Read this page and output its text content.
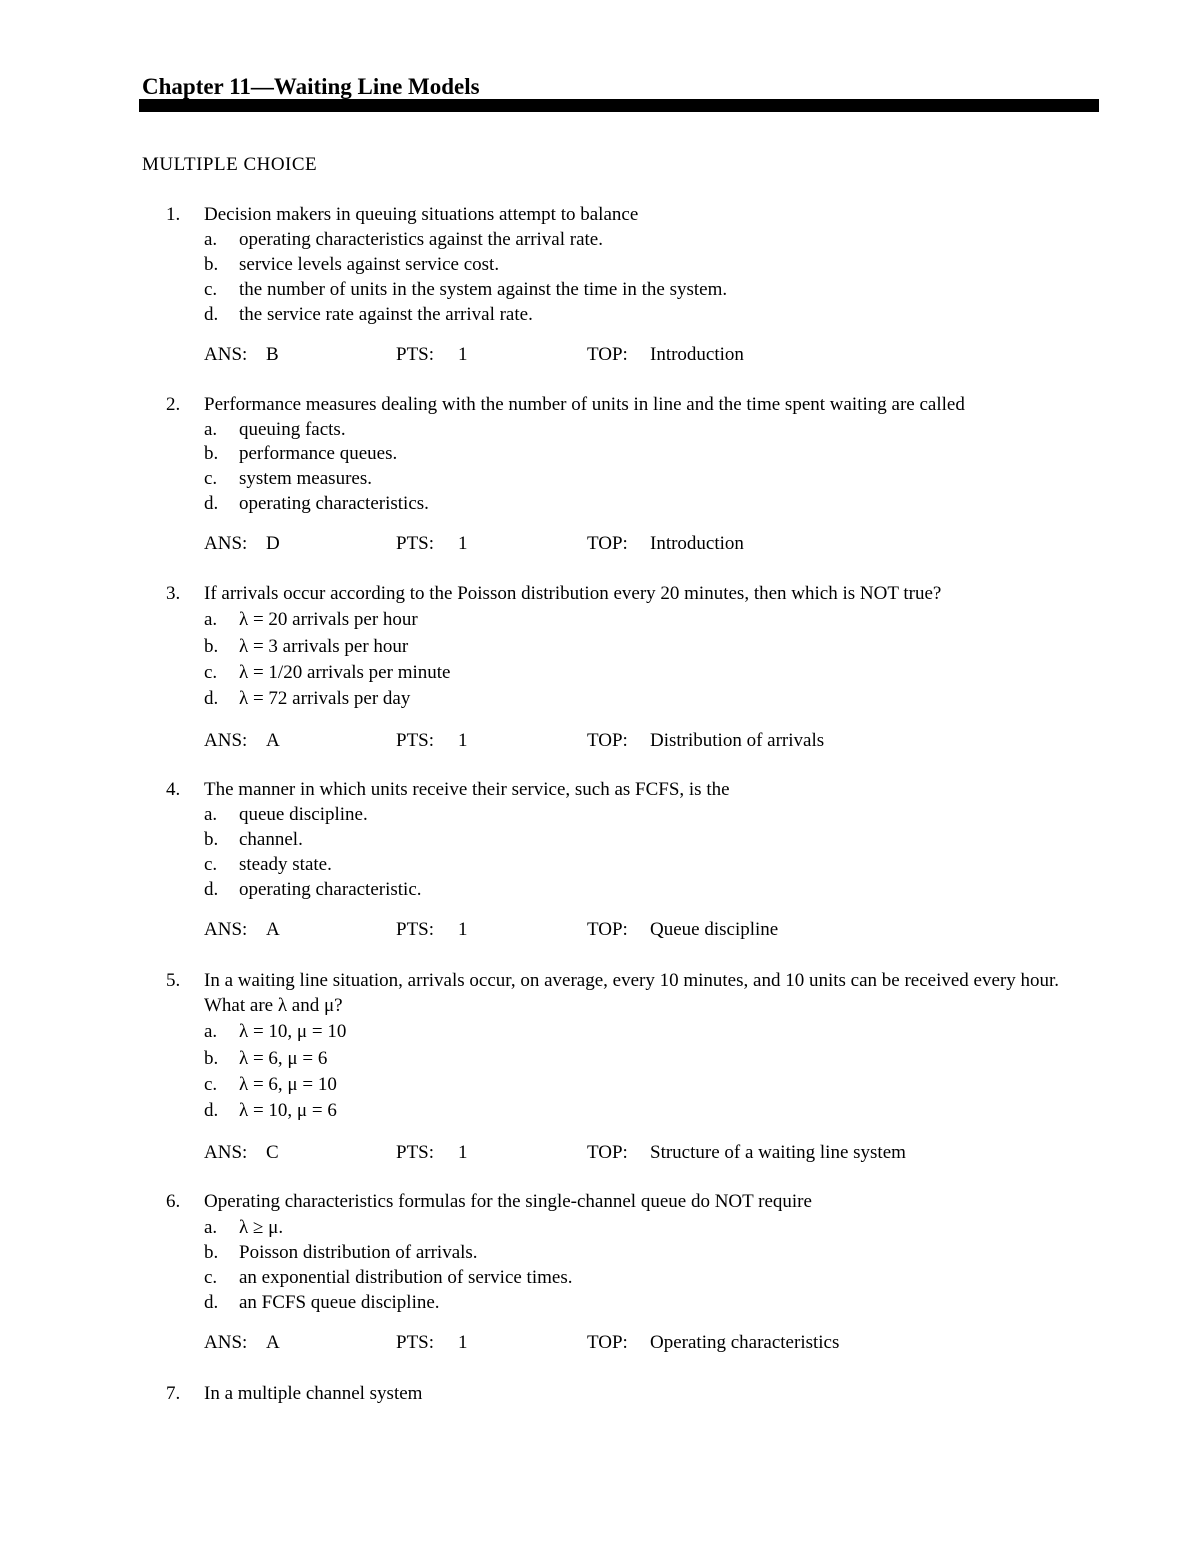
Chapter 11—Waiting Line Models
MULTIPLE CHOICE
1.	Decision makers in queuing situations attempt to balance
a.	operating characteristics against the arrival rate.
b.	service levels against service cost.
c.	the number of units in the system against the time in the system.
d.	the service rate against the arrival rate.
ANS: B	PTS: 1	TOP: Introduction
2.	Performance measures dealing with the number of units in line and the time spent waiting are called
a.	queuing facts.
b.	performance queues.
c.	system measures.
d.	operating characteristics.
ANS: D	PTS: 1	TOP: Introduction
3.	If arrivals occur according to the Poisson distribution every 20 minutes, then which is NOT true?
a.	λ = 20 arrivals per hour
b.	λ = 3 arrivals per hour
c.	λ = 1/20 arrivals per minute
d.	λ = 72 arrivals per day
ANS: A	PTS: 1	TOP: Distribution of arrivals
4.	The manner in which units receive their service, such as FCFS, is the
a.	queue discipline.
b.	channel.
c.	steady state.
d.	operating characteristic.
ANS: A	PTS: 1	TOP: Queue discipline
5.	In a waiting line situation, arrivals occur, on average, every 10 minutes, and 10 units can be received every hour. What are λ and μ?
a.	λ = 10, μ = 10
b.	λ = 6, μ = 6
c.	λ = 6, μ = 10
d.	λ = 10, μ = 6
ANS: C	PTS: 1	TOP: Structure of a waiting line system
6.	Operating characteristics formulas for the single-channel queue do NOT require
a.	λ ≥ μ.
b.	Poisson distribution of arrivals.
c.	an exponential distribution of service times.
d.	an FCFS queue discipline.
ANS: A	PTS: 1	TOP: Operating characteristics
7.	In a multiple channel system
